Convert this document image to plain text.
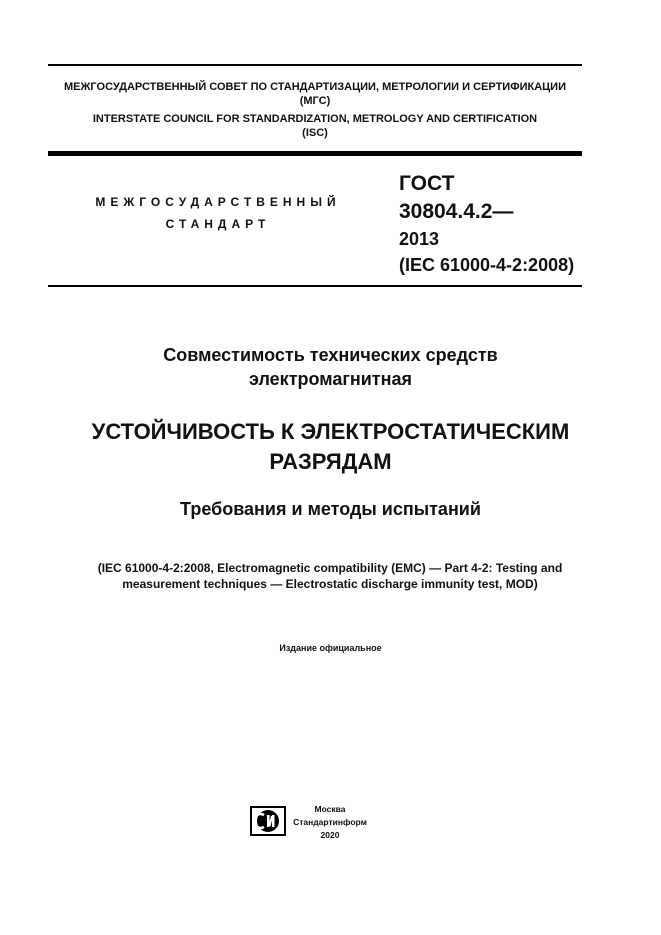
МЕЖГОСУДАРСТВЕННЫЙ СОВЕТ ПО СТАНДАРТИЗАЦИИ, МЕТРОЛОГИИ И СЕРТИФИКАЦИИ
(МГС)
INTERSTATE COUNCIL FOR STANDARDIZATION, METROLOGY AND CERTIFICATION
(ISC)
МЕЖГОСУДАРСТВЕННЫЙ
СТАНДАРТ
ГОСТ
30804.4.2—
2013
(IEC 61000-4-2:2008)
Совместимость технических средств
электромагнитная
УСТОЙЧИВОСТЬ К ЭЛЕКТРОСТАТИЧЕСКИМ
РАЗРЯДАМ
Требования и методы испытаний
(IEC 61000-4-2:2008, Electromagnetic compatibility (EMC) — Part 4-2: Testing and
measurement techniques — Electrostatic discharge immunity test, MOD)
Издание официальное
Москва
Стандартинформ
2020
